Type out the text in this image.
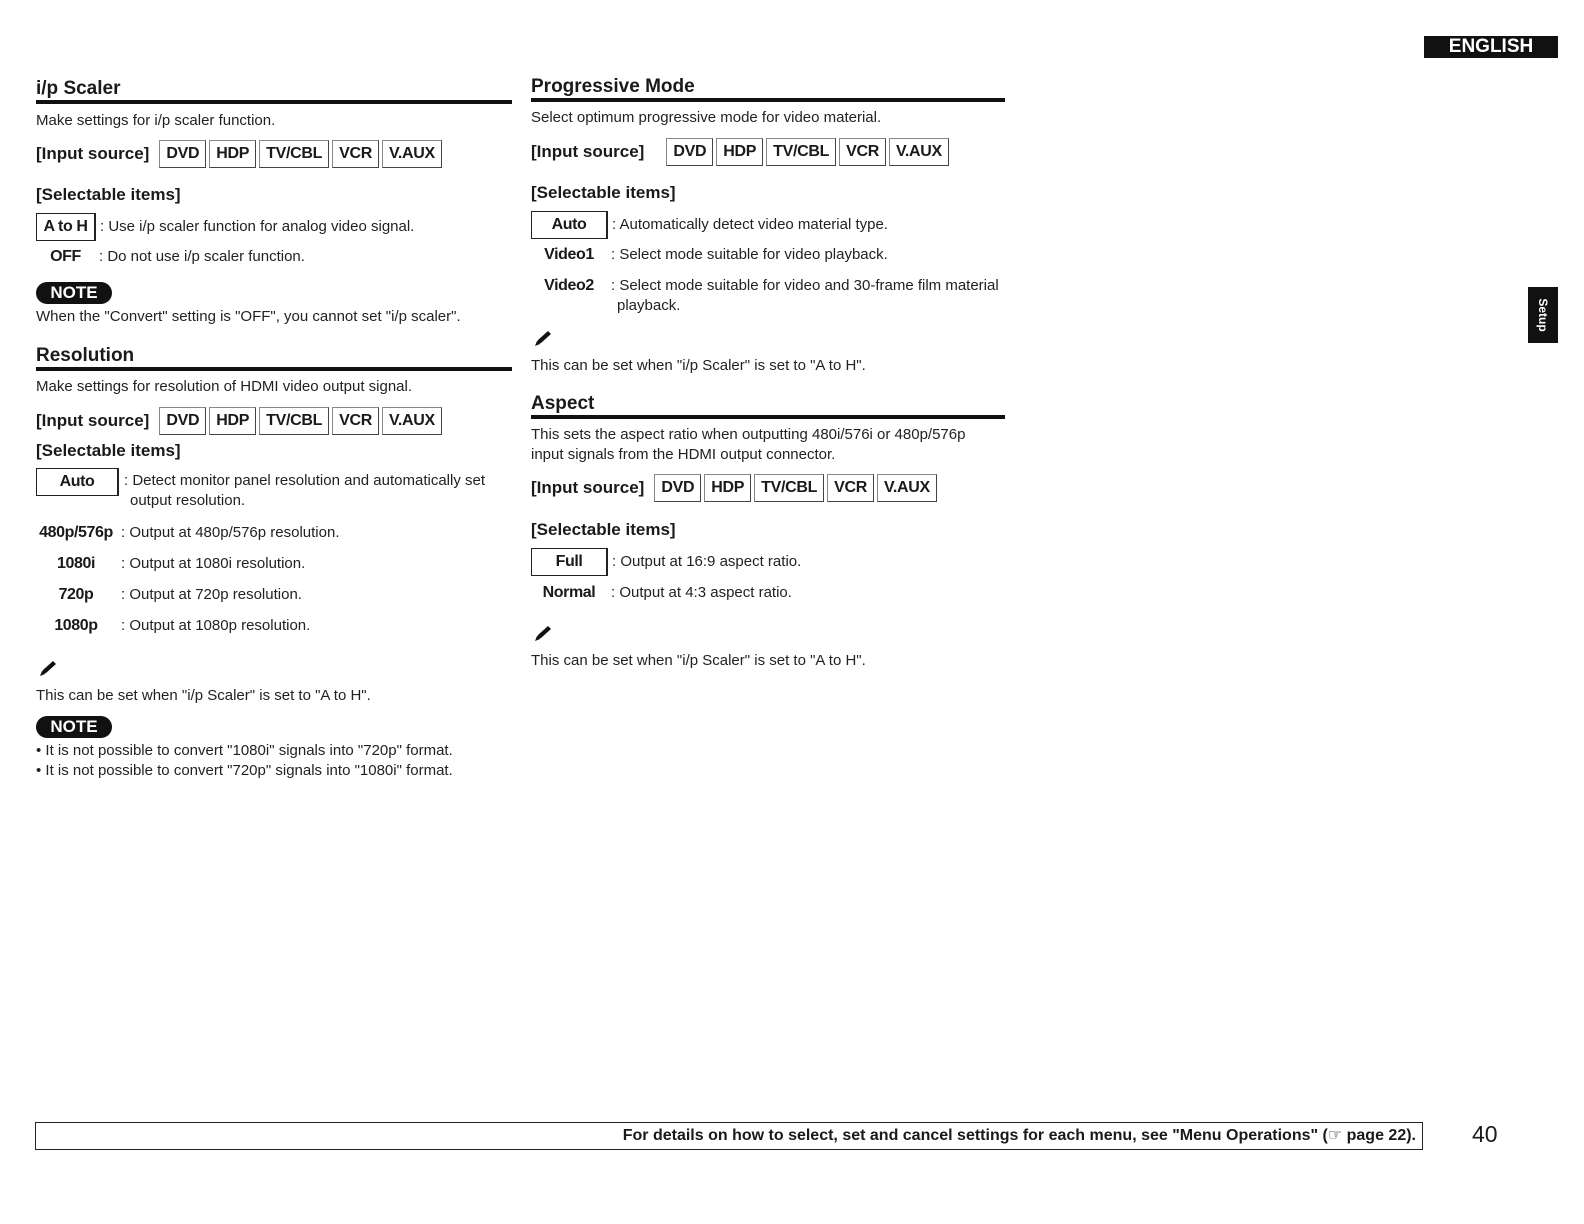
ENGLISH
Setup
i/p Scaler
Make settings for i/p scaler function.
[Input source]	DVD	HDP	TV/CBL	VCR	V.AUX
[Selectable items]
A to H : Use i/p scaler function for analog video signal.
OFF	: Do not use i/p scaler function.
NOTE
When the "Convert" setting is "OFF", you cannot set "i/p scaler".
Resolution
Make settings for resolution of HDMI video output signal.
[Input source]	DVD	HDP	TV/CBL	VCR	V.AUX
[Selectable items]
Auto	: Detect monitor panel resolution and automatically set
output resolution.
480p/576p : Output at 480p/576p resolution.
1080i	: Output at 1080i resolution.
720p	: Output at 720p resolution.
1080p	: Output at 1080p resolution.
This can be set when "i/p Scaler" is set to "A to H".
NOTE
• It is not possible to convert "1080i" signals into "720p" format.
• It is not possible to convert "720p" signals into "1080i" format.
Progressive Mode
Select optimum progressive mode for video material.
[Input source]	DVD	HDP	TV/CBL	VCR	V.AUX
[Selectable items]
Auto	: Automatically detect video material type.
Video1	: Select mode suitable for video playback.
Video2	: Select mode suitable for video and 30-frame film material
playback.
This can be set when "i/p Scaler" is set to "A to H".
Aspect
This sets the aspect ratio when outputting 480i/576i or 480p/576p
input signals from the HDMI output connector.
[Input source]	DVD	HDP	TV/CBL	VCR	V.AUX
[Selectable items]
Full	: Output at 16:9 aspect ratio.
Normal	: Output at 4:3 aspect ratio.
This can be set when "i/p Scaler" is set to "A to H".
For details on how to select, set and cancel settings for each menu, see "Menu Operations" (☞ page 22). 40
